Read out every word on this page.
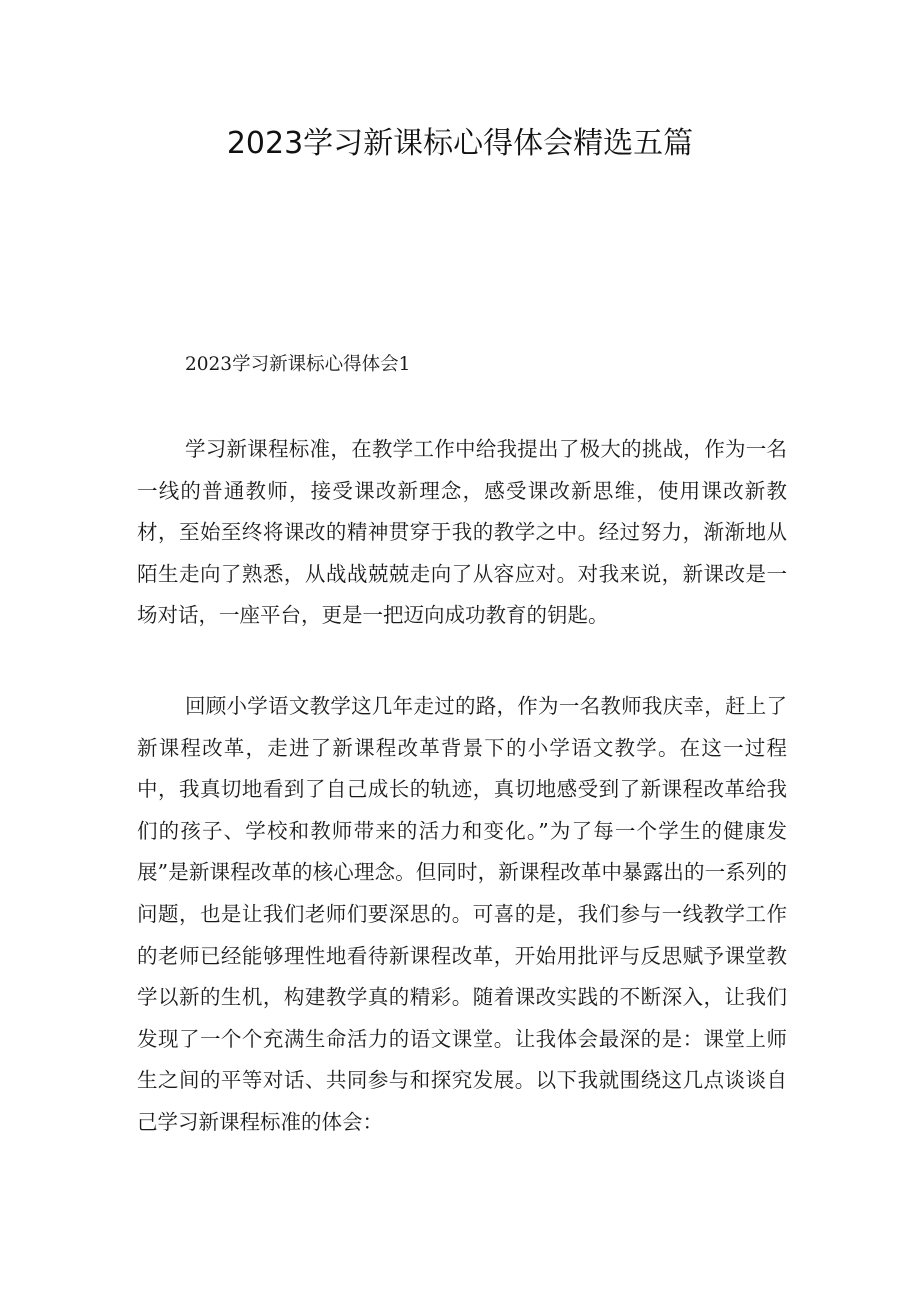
2023学习新课标心得体会精选五篇
2023学习新课标心得体会1

学习新课程标准，在教学工作中给我提出了极大的挑战，作为一名一线的普通教师，接受课改新理念，感受课改新思维，使用课改新教材，至始至终将课改的精神贯穿于我的教学之中。经过努力，渐渐地从陌生走向了熟悉，从战战兢兢走向了从容应对。对我来说，新课改是一场对话，一座平台，更是一把迈向成功教育的钥匙。

回顾小学语文教学这几年走过的路，作为一名教师我庆幸，赶上了新课程改革，走进了新课程改革背景下的小学语文教学。在这一过程中，我真切地看到了自己成长的轨迹，真切地感受到了新课程改革给我们的孩子、学校和教师带来的活力和变化。”为了每一个学生的健康发展”是新课程改革的核心理念。但同时，新课程改革中暴露出的一系列的问题，也是让我们老师们要深思的。可喜的是，我们参与一线教学工作的老师已经能够理性地看待新课程改革，开始用批评与反思赋予课堂教学以新的生机，构建教学真的精彩。随着课改实践的不断深入，让我们发现了一个个充满生命活力的语文课堂。让我体会最深的是：课堂上师生之间的平等对话、共同参与和探究发展。以下我就围绕这几点谈谈自己学习新课程标准的体会：
